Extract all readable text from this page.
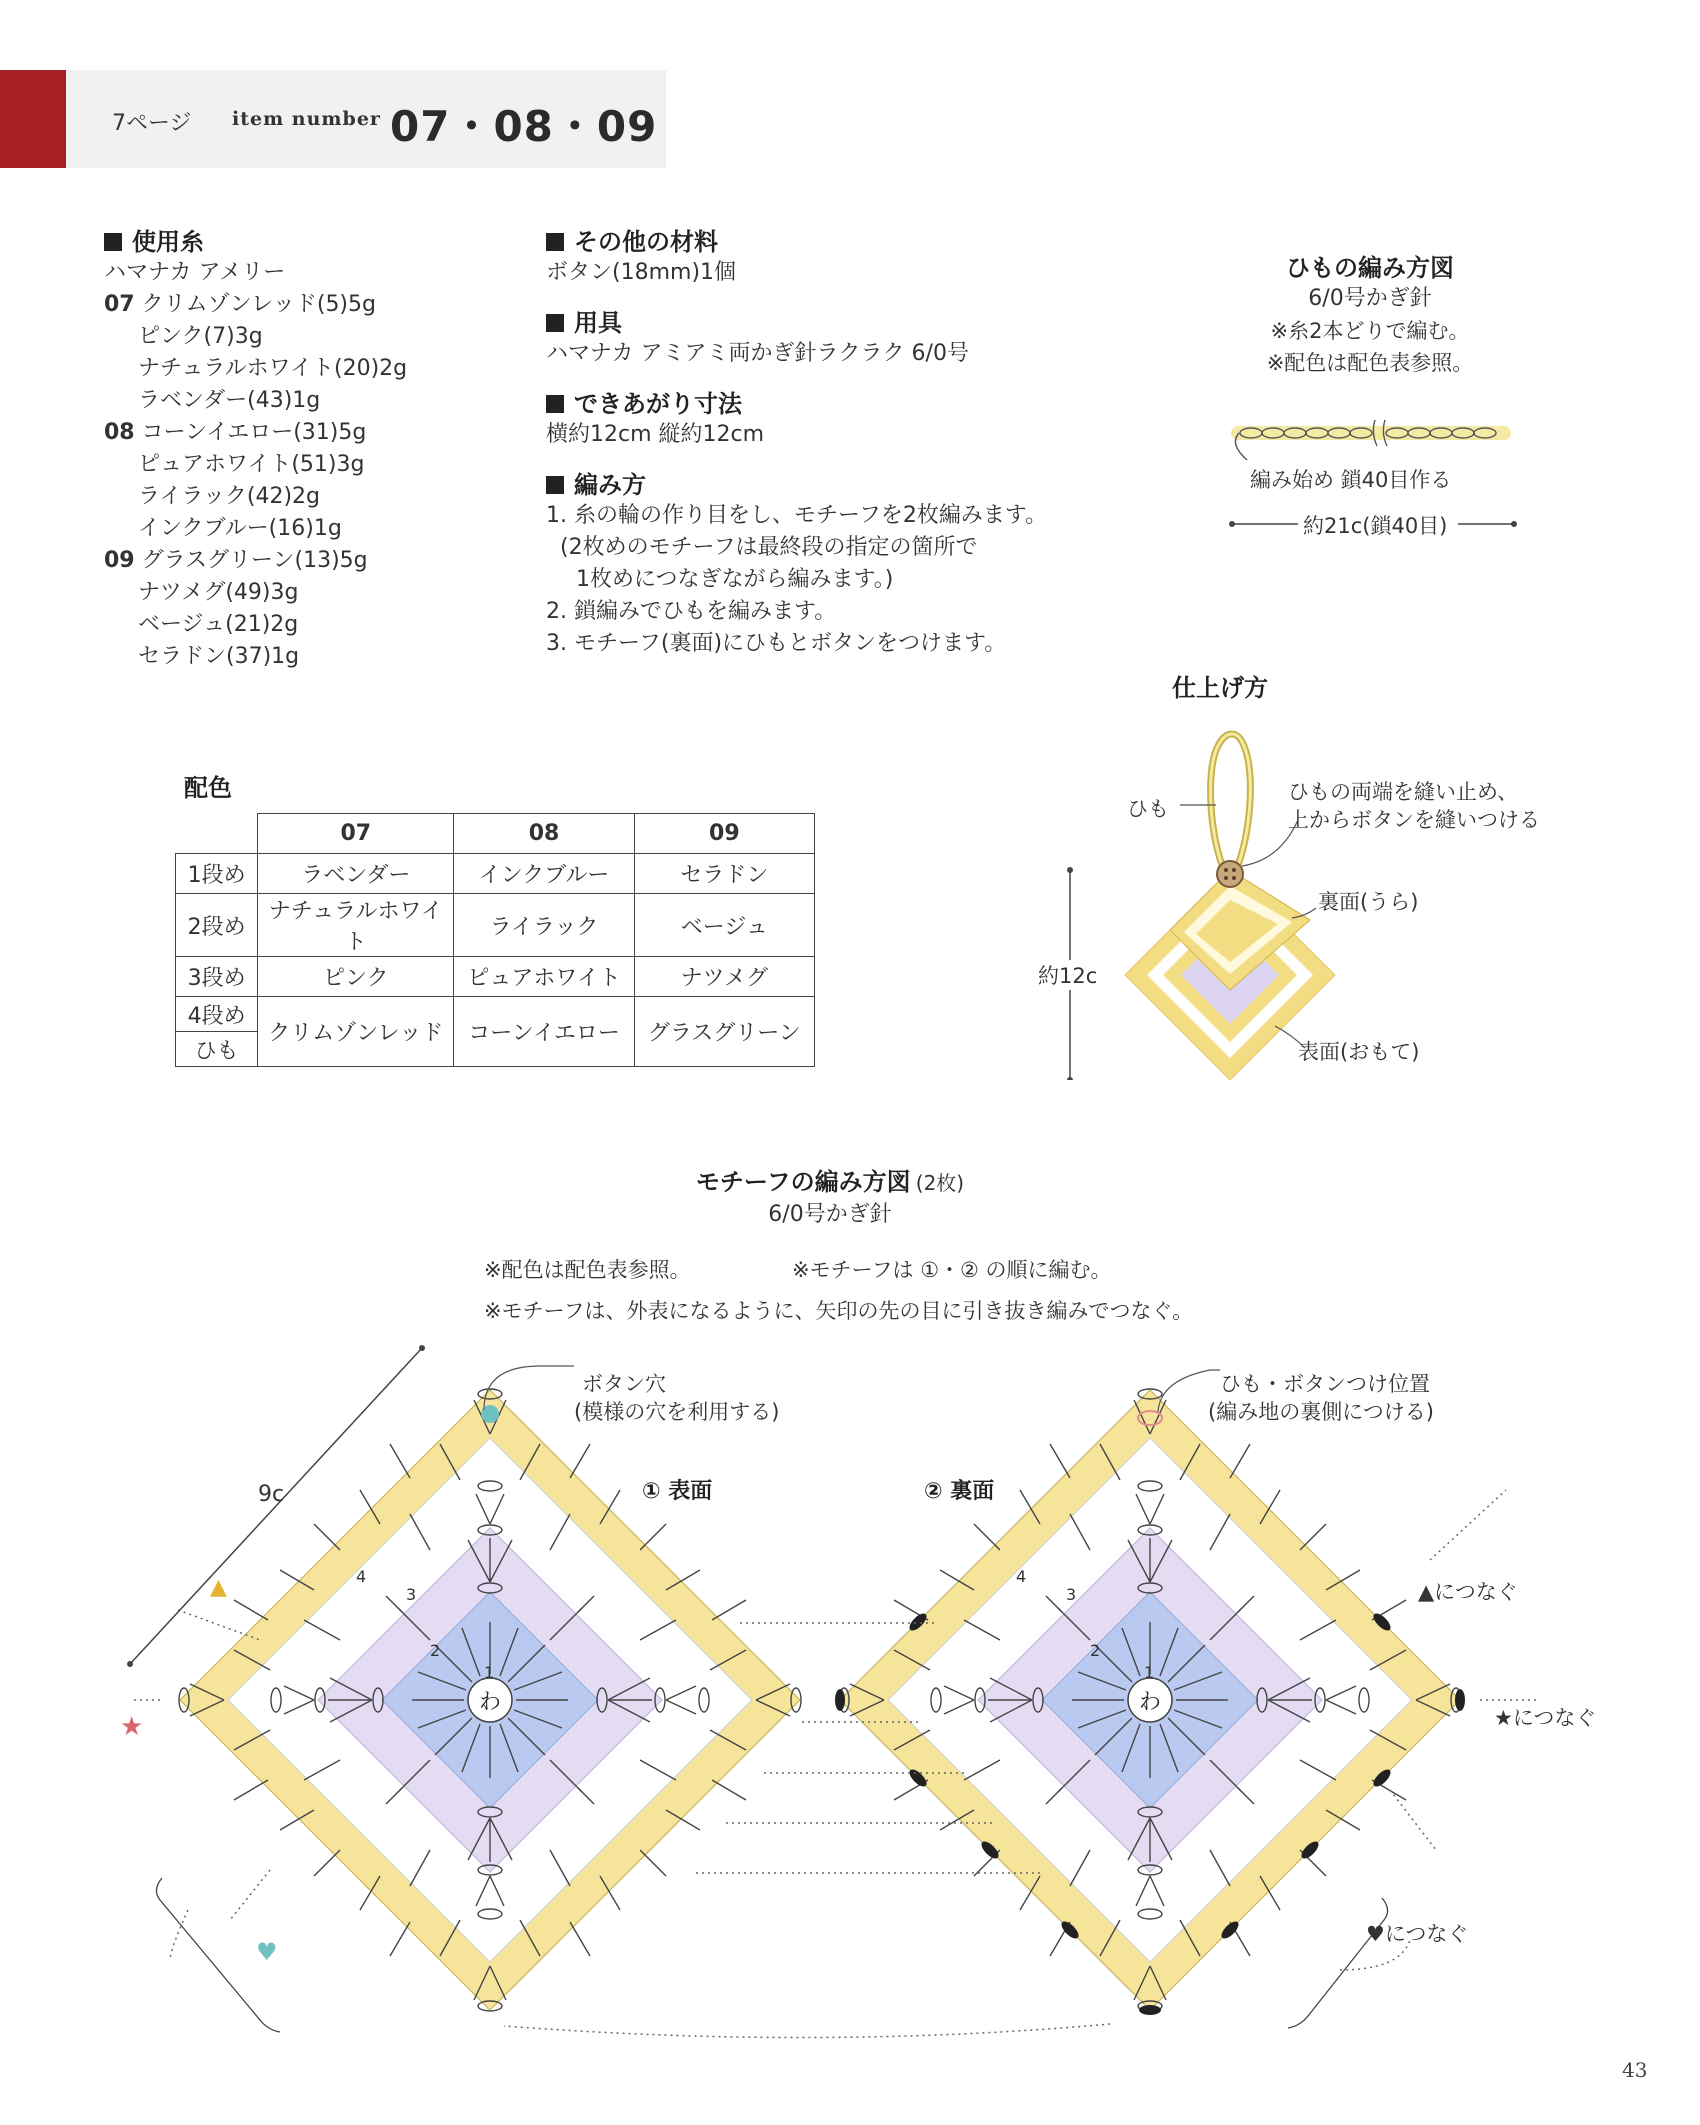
7ページ item number 07・08・09
使用糸
ハマナカ アメリー
07 クリムゾンレッド(5)5g
ピンク(7)3g
ナチュラルホワイト(20)2g
ラベンダー(43)1g
08 コーンイエロー(31)5g
ピュアホワイト(51)3g
ライラック(42)2g
インクブルー(16)1g
09 グラスグリーン(13)5g
ナツメグ(49)3g
ベージュ(21)2g
セラドン(37)1g
その他の材料
ボタン(18mm)1個
用具
ハマナカ アミアミ両かぎ針ラクラク 6/0号
できあがり寸法
横約12cm 縦約12cm
編み方
1. 糸の輪の作り目をし、モチーフを2枚編みます。
(2枚めのモチーフは最終段の指定の箇所で
1枚めにつなぎながら編みます。)
2. 鎖編みでひもを編みます。
3. モチーフ(裏面)にひもとボタンをつけます。
ひもの編み方図
6/0号かぎ針
※糸2本どりで編む。
※配色は配色表参照。
編み始め 鎖40目作る
約21c(鎖40目)
配色
	07	08	09
1段め	ラベンダー	インクブルー	セラドン
2段め	ナチュラルホワイト	ライラック	ベージュ
3段め	ピンク	ピュアホワイト	ナツメグ
4段め	クリムゾンレッド	コーンイエロー	グラスグリーン
ひも			
仕上げ方
ひも
ひもの両端を縫い止め、
上からボタンを縫いつける
裏面(うら)
表面(おもて)
約12c
モチーフの編み方図 (2枚)
6/0号かぎ針
※配色は配色表参照。	※モチーフは ①・② の順に編む。
※モチーフは、外表になるように、矢印の先の目に引き抜き編みでつなぐ。
★
▲
♥
わ	わ
1
2
3
4
1
2
3
4
ボタン穴
(模様の穴を利用する)
ひも・ボタンつけ位置
(編み地の裏側につける)
① 表面	② 裏面
9c
▲につなぐ
★につなぐ
♥につなぐ
43
